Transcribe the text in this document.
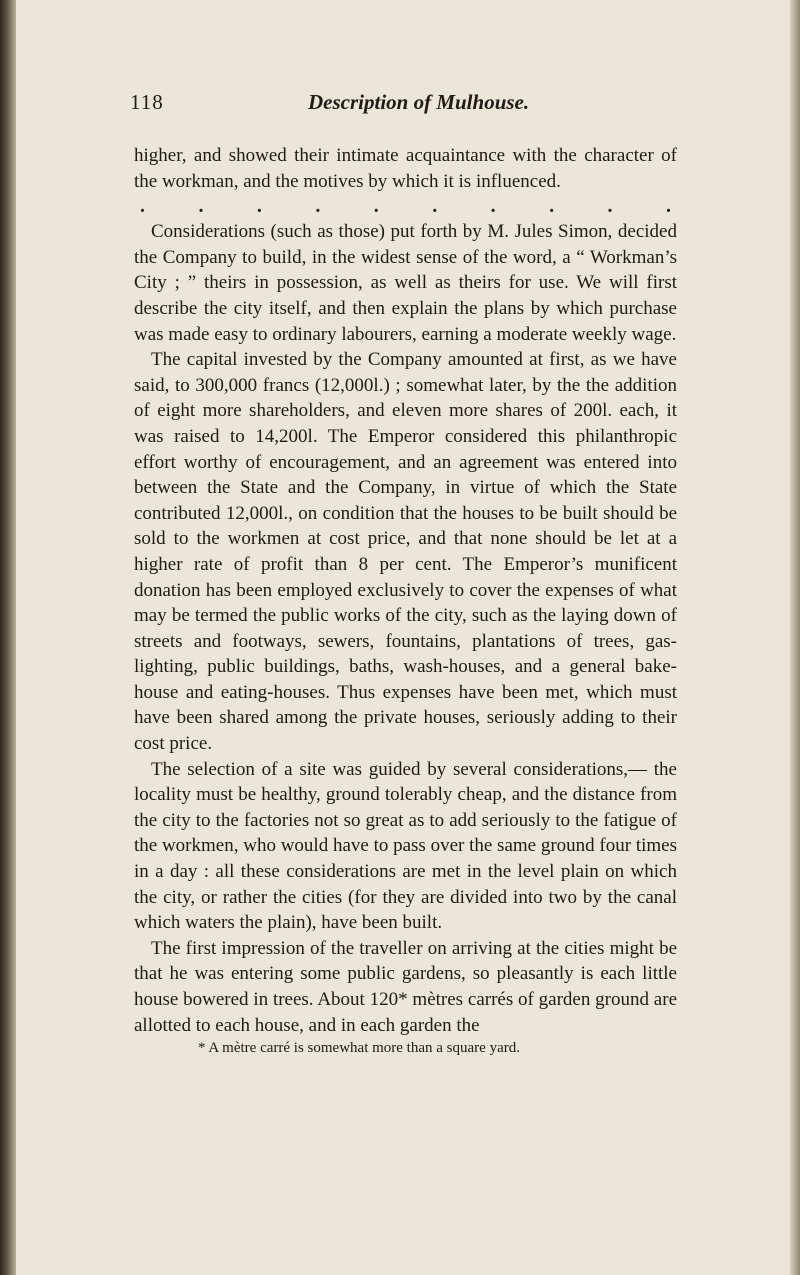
118	Description of Mulhouse.

higher, and showed their intimate acquaintance with the character of the workman, and the motives by which it is influenced.

.	.	.	.	.	.	.	.	.	.

Considerations (such as those) put forth by M. Jules Simon, decided the Company to build, in the widest sense of the word, a “ Workman’s City ; ” theirs in possession, as well as theirs for use. We will first describe the city itself, and then explain the plans by which purchase was made easy to ordinary labourers, earning a moderate weekly wage.

The capital invested by the Company amounted at first, as we have said, to 300,000 francs (12,000l.) ; somewhat later, by the the addition of eight more shareholders, and eleven more shares of 200l. each, it was raised to 14,200l. The Emperor considered this philanthropic effort worthy of encouragement, and an agreement was entered into between the State and the Company, in virtue of which the State contributed 12,000l., on condition that the houses to be built should be sold to the workmen at cost price, and that none should be let at a higher rate of profit than 8 per cent. The Emperor’s munificent donation has been employed exclusively to cover the expenses of what may be termed the public works of the city, such as the laying down of streets and footways, sewers, fountains, plantations of trees, gas-lighting, public buildings, baths, wash-houses, and a general bake-house and eating-houses. Thus expenses have been met, which must have been shared among the private houses, seriously adding to their cost price.

The selection of a site was guided by several considerations,— the locality must be healthy, ground tolerably cheap, and the distance from the city to the factories not so great as to add seriously to the fatigue of the workmen, who would have to pass over the same ground four times in a day : all these considerations are met in the level plain on which the city, or rather the cities (for they are divided into two by the canal which waters the plain), have been built.

The first impression of the traveller on arriving at the cities might be that he was entering some public gardens, so pleasantly is each little house bowered in trees. About 120* mètres carrés of garden ground are allotted to each house, and in each garden the

* A mètre carré is somewhat more than a square yard.
